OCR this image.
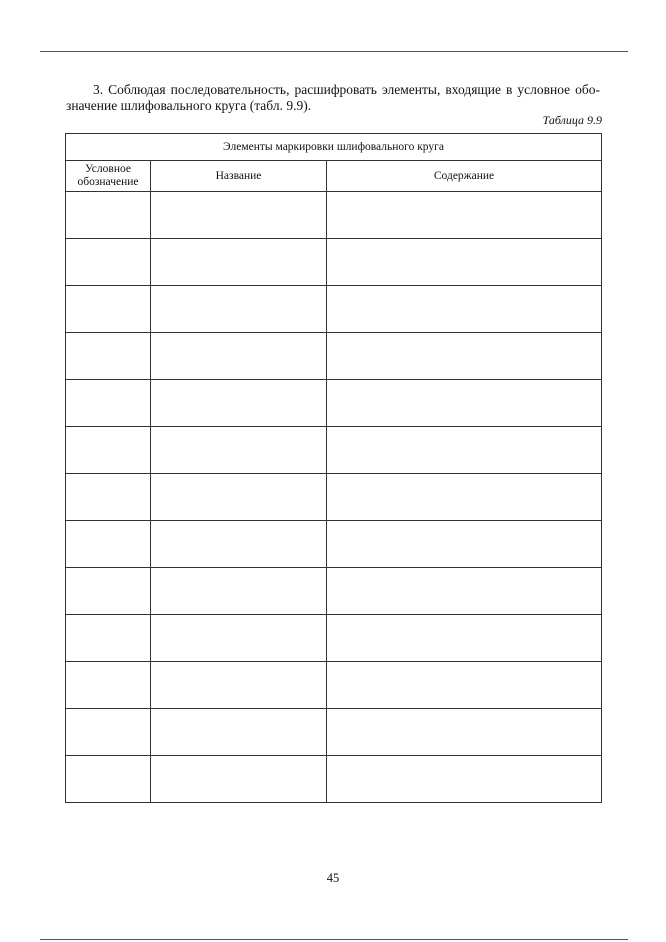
3. Соблюдая последовательность, расшифровать элементы, входящие в условное обо-
значение шлифовального круга (табл. 9.9).

Таблица 9.9
Элементы маркировки шлифовального круга		
Условное обозначение	Название	Содержание

45
